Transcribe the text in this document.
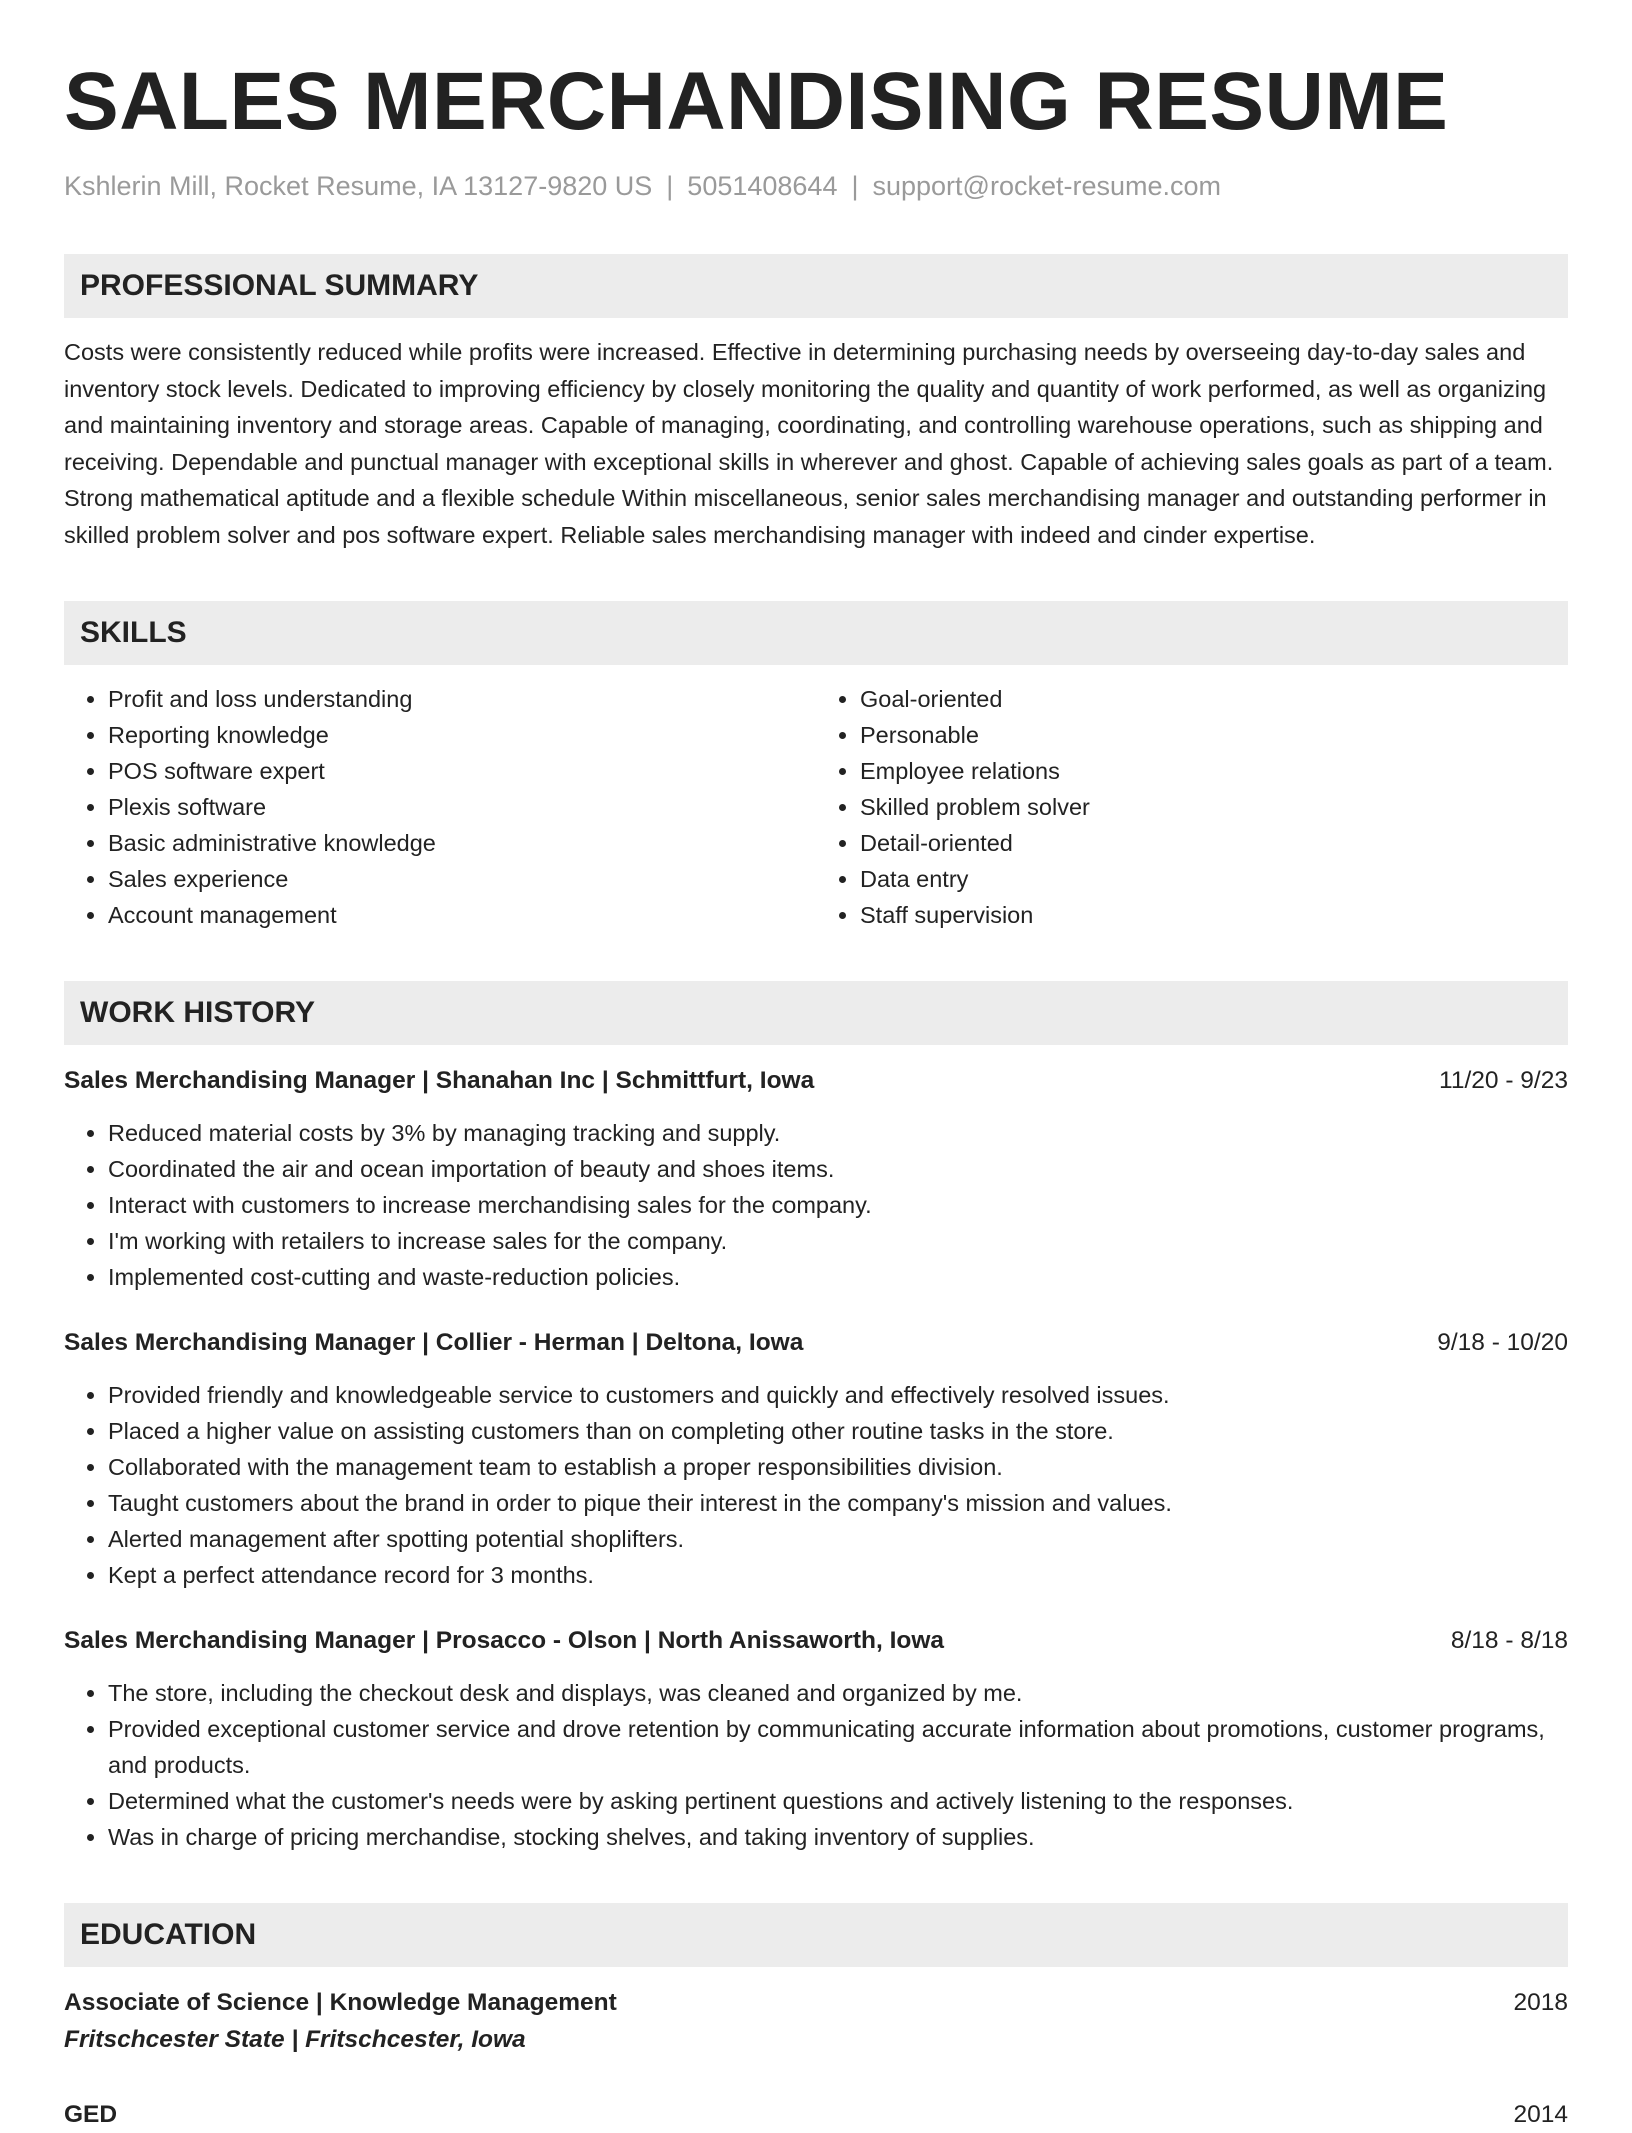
SALES MERCHANDISING RESUME
Kshlerin Mill, Rocket Resume, IA 13127-9820 US | 5051408644 | support@rocket-resume.com
PROFESSIONAL SUMMARY
Costs were consistently reduced while profits were increased. Effective in determining purchasing needs by overseeing day-to-day sales and inventory stock levels. Dedicated to improving efficiency by closely monitoring the quality and quantity of work performed, as well as organizing and maintaining inventory and storage areas. Capable of managing, coordinating, and controlling warehouse operations, such as shipping and receiving. Dependable and punctual manager with exceptional skills in wherever and ghost. Capable of achieving sales goals as part of a team. Strong mathematical aptitude and a flexible schedule Within miscellaneous, senior sales merchandising manager and outstanding performer in skilled problem solver and pos software expert. Reliable sales merchandising manager with indeed and cinder expertise.
SKILLS
• Profit and loss understanding
• Reporting knowledge
• POS software expert
• Plexis software
• Basic administrative knowledge
• Sales experience
• Account management
• Goal-oriented
• Personable
• Employee relations
• Skilled problem solver
• Detail-oriented
• Data entry
• Staff supervision
WORK HISTORY
Sales Merchandising Manager | Shanahan Inc | Schmittfurt, Iowa	11/20 - 9/23
• Reduced material costs by 3% by managing tracking and supply.
• Coordinated the air and ocean importation of beauty and shoes items.
• Interact with customers to increase merchandising sales for the company.
• I'm working with retailers to increase sales for the company.
• Implemented cost-cutting and waste-reduction policies.
Sales Merchandising Manager | Collier - Herman | Deltona, Iowa	9/18 - 10/20
• Provided friendly and knowledgeable service to customers and quickly and effectively resolved issues.
• Placed a higher value on assisting customers than on completing other routine tasks in the store.
• Collaborated with the management team to establish a proper responsibilities division.
• Taught customers about the brand in order to pique their interest in the company's mission and values.
• Alerted management after spotting potential shoplifters.
• Kept a perfect attendance record for 3 months.
Sales Merchandising Manager | Prosacco - Olson | North Anissaworth, Iowa	8/18 - 8/18
• The store, including the checkout desk and displays, was cleaned and organized by me.
• Provided exceptional customer service and drove retention by communicating accurate information about promotions, customer programs, and products.
• Determined what the customer's needs were by asking pertinent questions and actively listening to the responses.
• Was in charge of pricing merchandise, stocking shelves, and taking inventory of supplies.
EDUCATION
Associate of Science | Knowledge Management	2018
Fritschcester State | Fritschcester, Iowa
GED	2014
